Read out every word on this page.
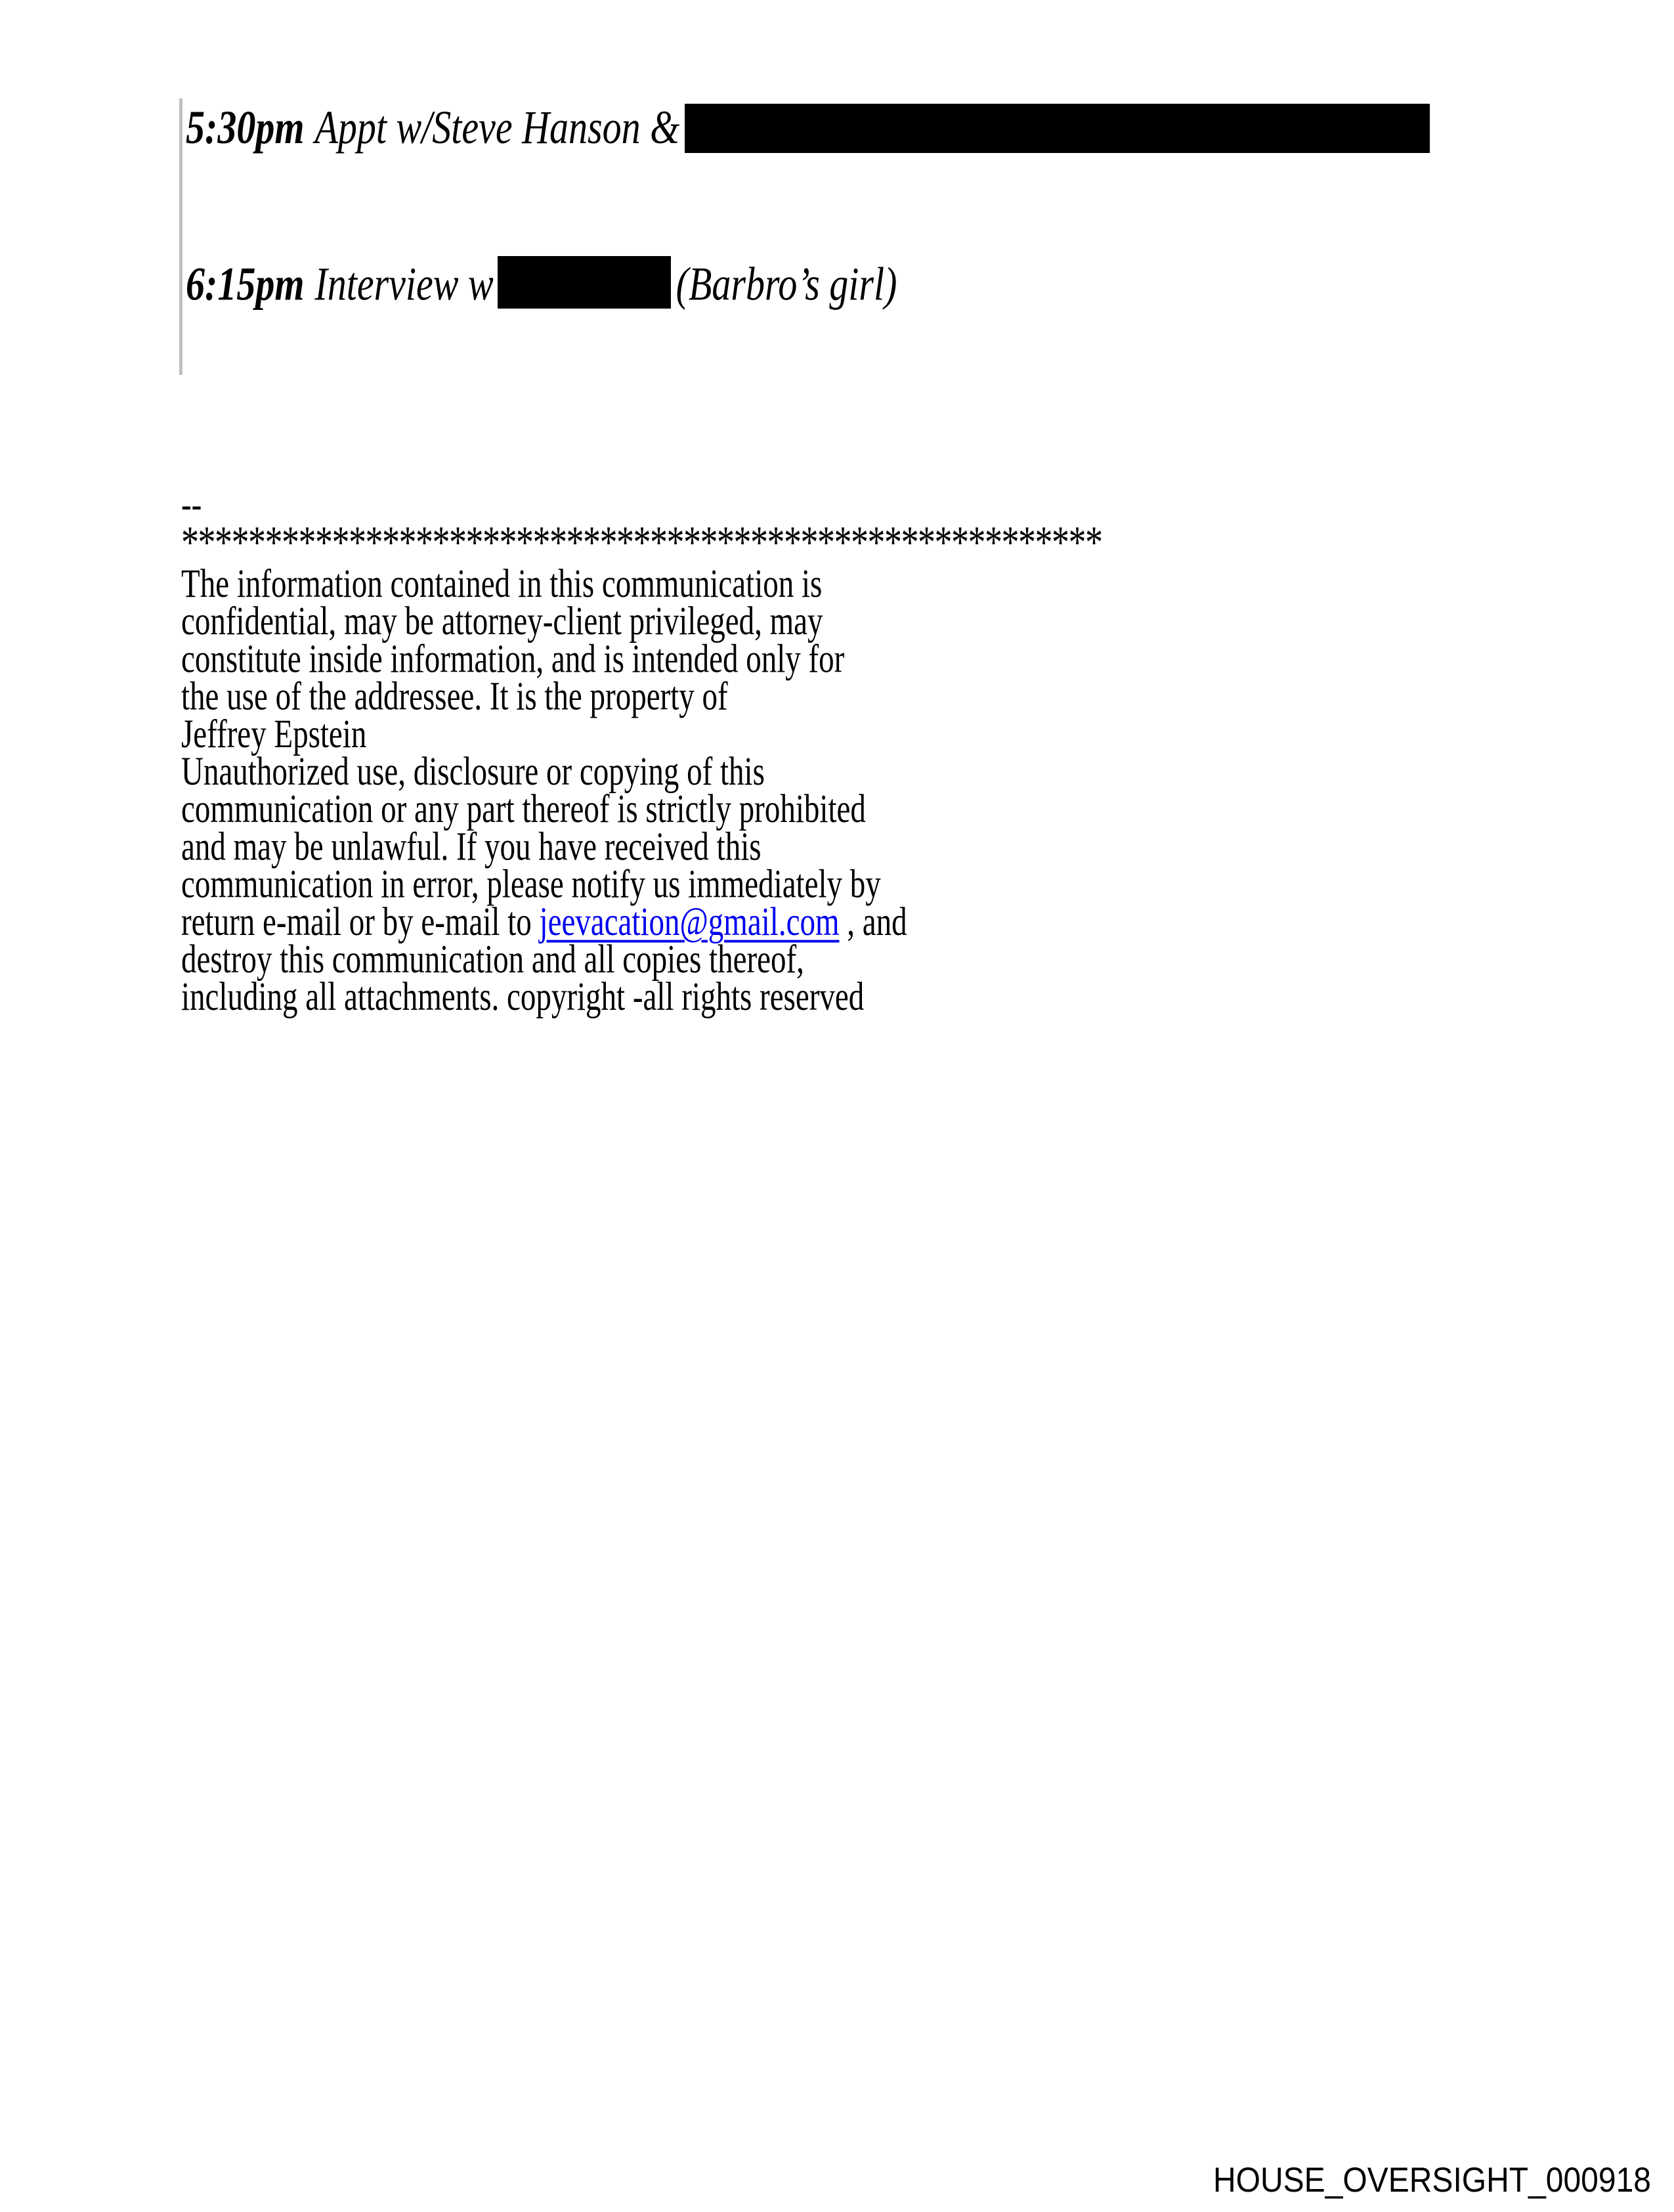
5:30pm Appt w/Steve Hanson &
6:15pm Interview w	(Barbro’s girl)
--
*******************************************************
The information contained in this communication is
confidential, may be attorney-client privileged, may
constitute inside information, and is intended only for
the use of the addressee. It is the property of
Jeffrey Epstein
Unauthorized use, disclosure or copying of this
communication or any part thereof is strictly prohibited
and may be unlawful. If you have received this
communication in error, please notify us immediately by
return e-mail or by e-mail to jeevacation@gmail.com , and
destroy this communication and all copies thereof,
including all attachments. copyright -all rights reserved
HOUSE_OVERSIGHT_000918
